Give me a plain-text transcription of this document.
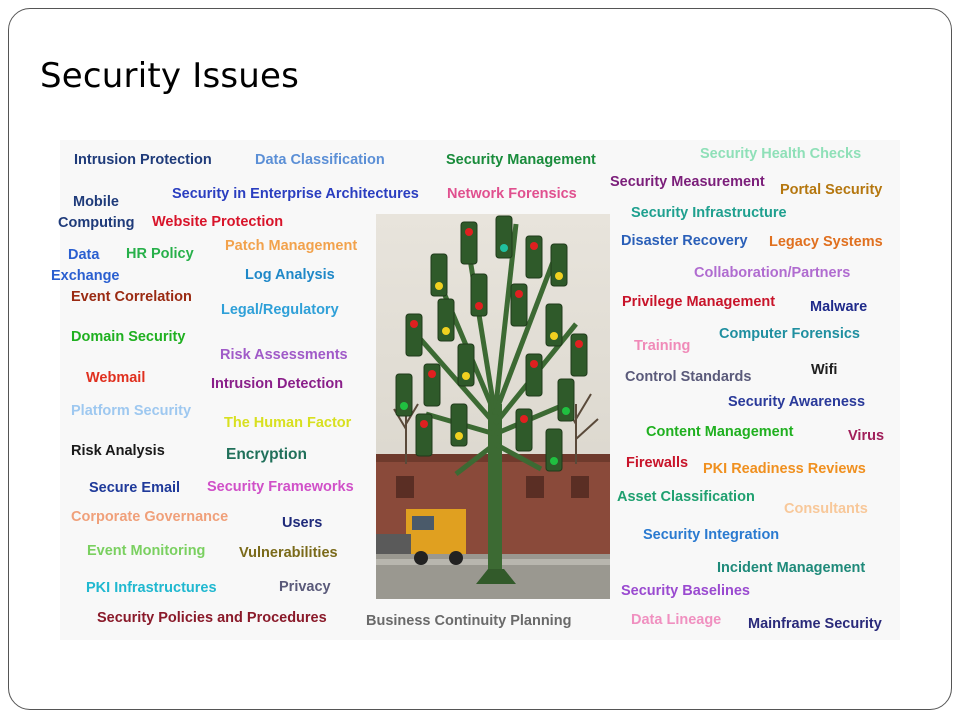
Security Issues
Intrusion Protection	Data Classification	Security Management	Security Health Checks
Security Measurement Portal Security
Mobile
Computing
Security in Enterprise Architectures Network Forensics
Security Infrastructure
Website Protection
Data
Exchange
HR Policy Patch Management	Disaster Recovery Legacy Systems
Log Analysis	Collaboration/Partners
Event Correlation
Legal/Regulatory	Privilege Management Malware
Domain Security	Computer Forensics
Training
Risk Assessments
Webmail	Intrusion Detection	Control Standards	Wifi
Platform Security
Security Awareness
The Human Factor
Risk Analysis	Encryption
Content Management	Virus
Firewalls PKI Readiness Reviews
Secure Email Security Frameworks
Asset Classification
Consultants
Corporate Governance	Users
Security Integration
Event Monitoring Vulnerabilities
Incident Management
PKI Infrastructures	Privacy	Security Baselines
Security Policies and Procedures	Business Continuity Planning	Data Lineage Mainframe Security
